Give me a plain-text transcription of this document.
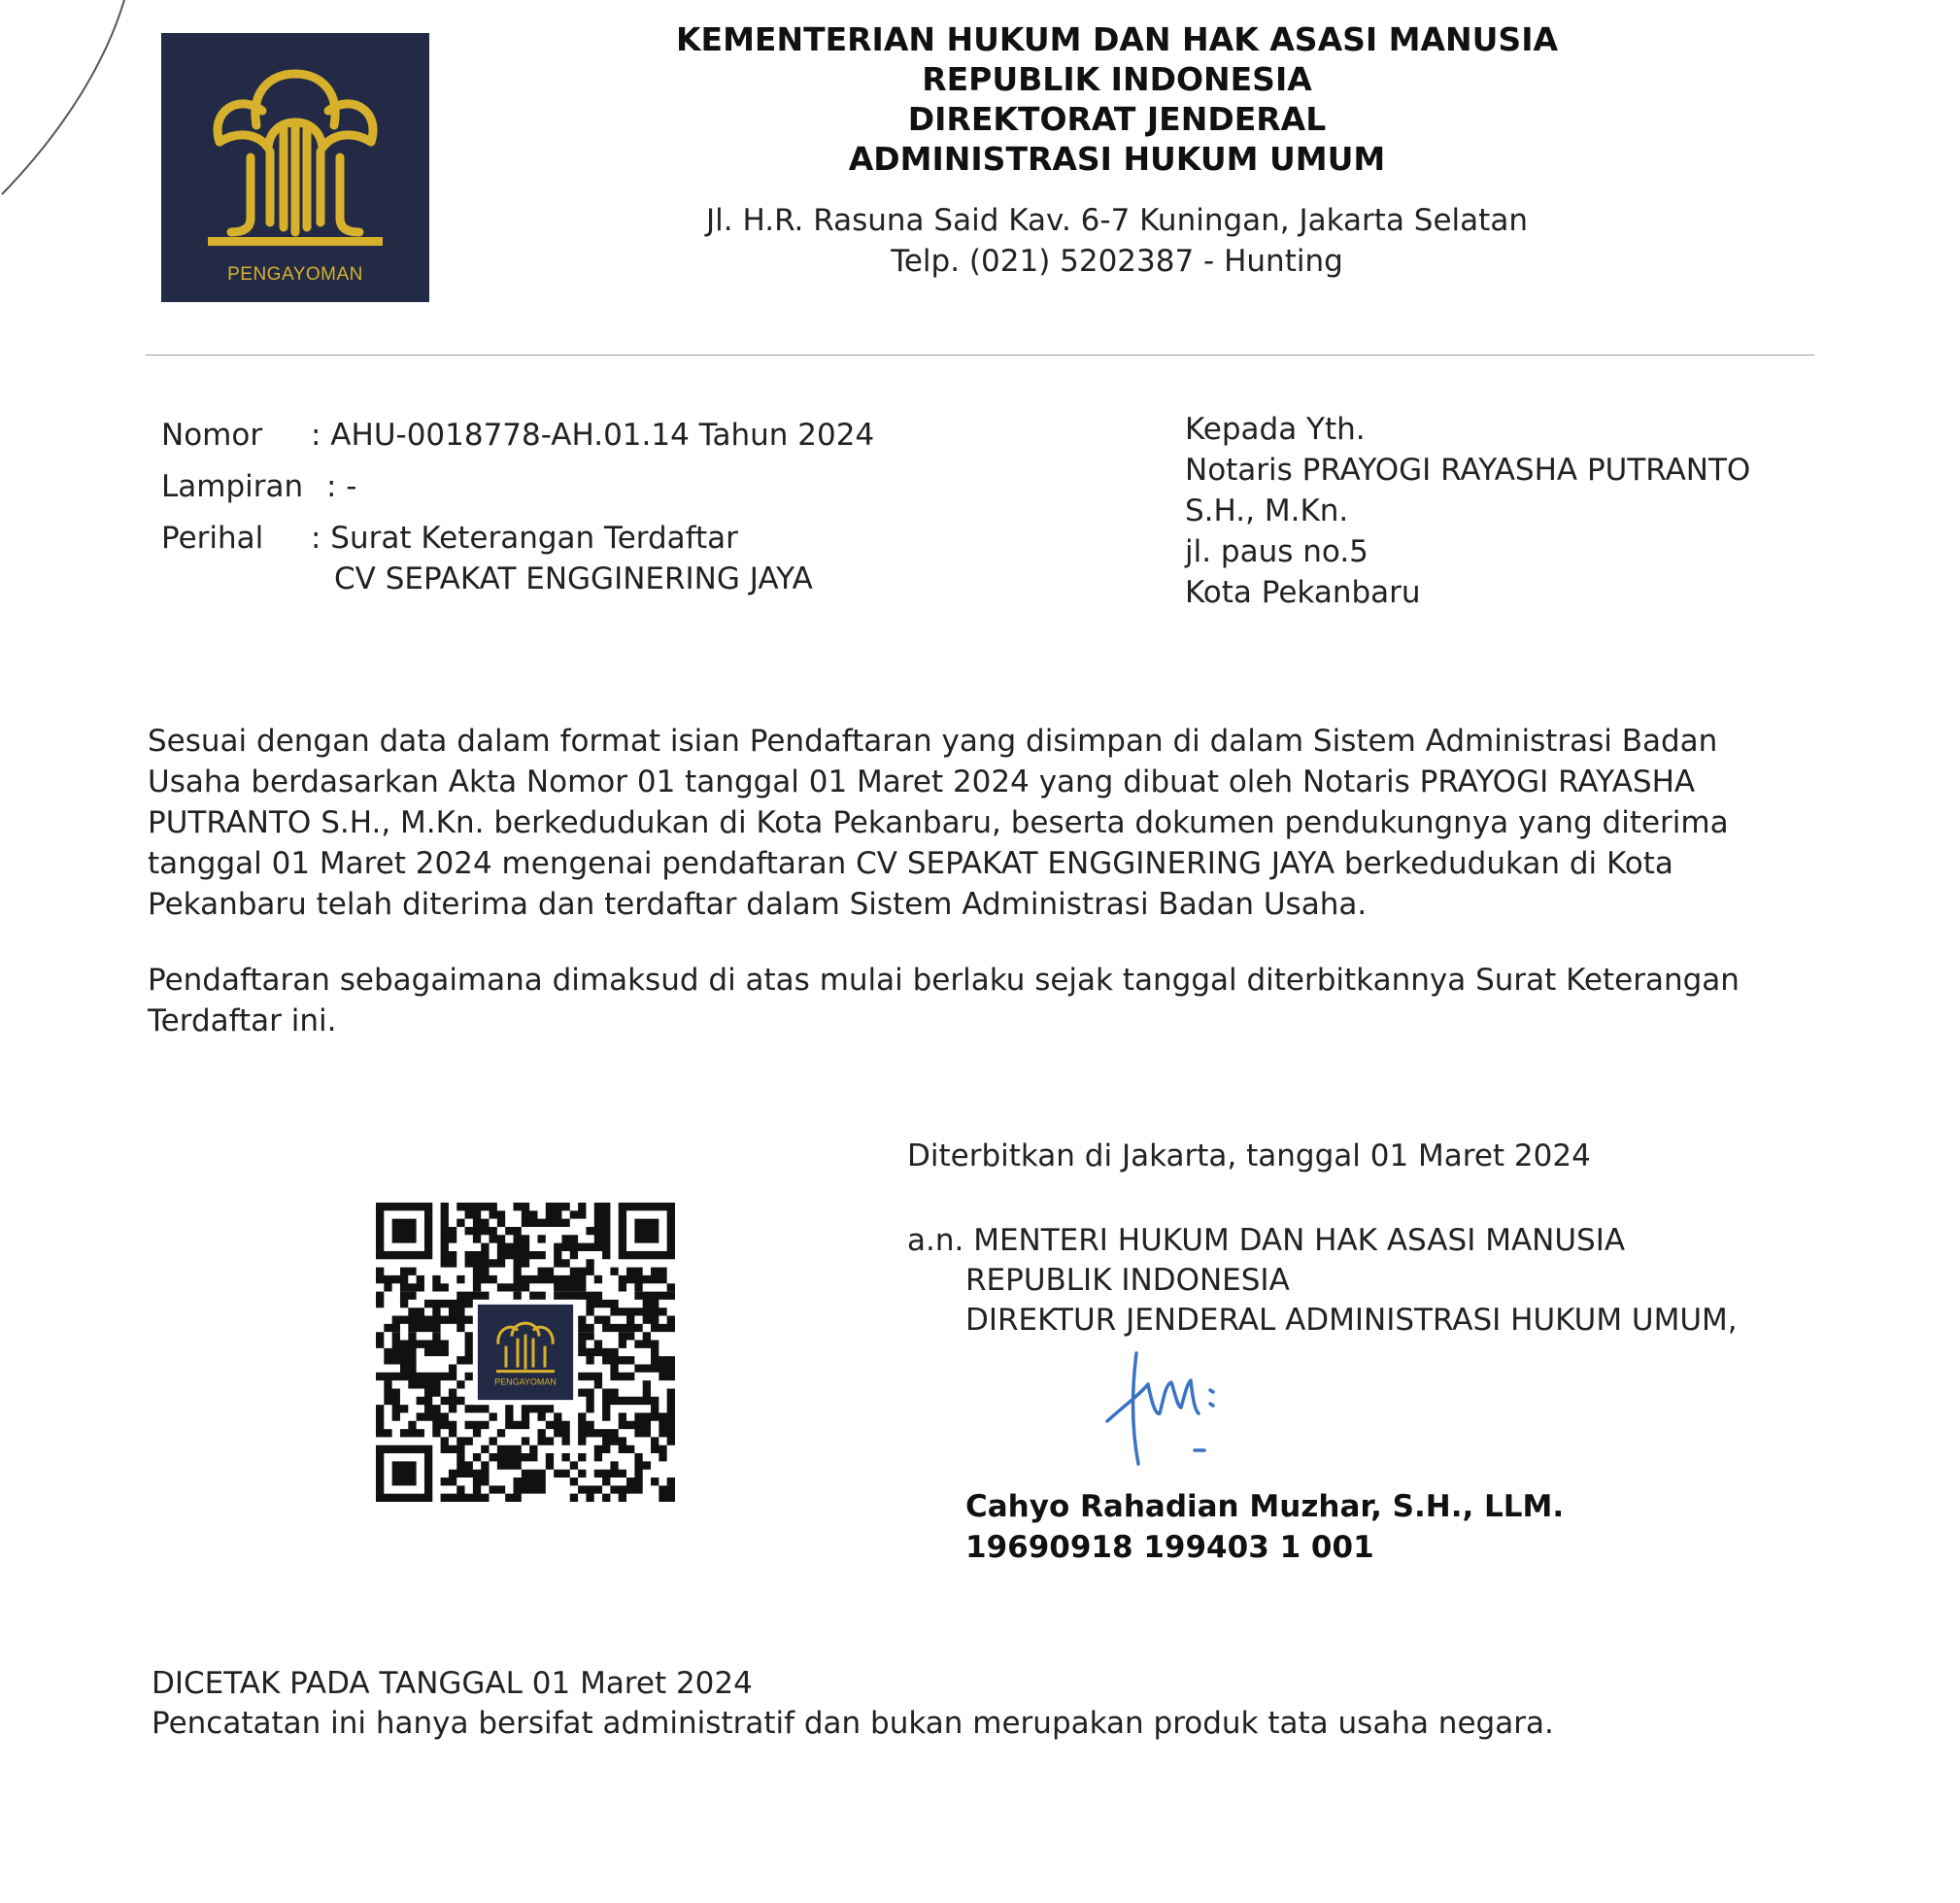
PENGAYOMAN
KEMENTERIAN HUKUM DAN HAK ASASI MANUSIA
REPUBLIK INDONESIA
DIREKTORAT JENDERAL
ADMINISTRASI HUKUM UMUM
Jl. H.R. Rasuna Said Kav. 6-7 Kuningan, Jakarta Selatan
Telp. (021) 5202387 - Hunting
Nomor : AHU-0018778-AH.01.14 Tahun 2024
Lampiran : -
Perihal : Surat Keterangan Terdaftar
CV SEPAKAT ENGGINERING JAYA
Kepada Yth.
Notaris PRAYOGI RAYASHA PUTRANTO
S.H., M.Kn.
jl. paus no.5
Kota Pekanbaru

Sesuai dengan data dalam format isian Pendaftaran yang disimpan di dalam Sistem Administrasi Badan

Usaha berdasarkan Akta Nomor 01 tanggal 01 Maret 2024 yang dibuat oleh Notaris PRAYOGI RAYASHA

PUTRANTO S.H., M.Kn. berkedudukan di Kota Pekanbaru, beserta dokumen pendukungnya yang diterima

tanggal 01 Maret 2024 mengenai pendaftaran CV SEPAKAT ENGGINERING JAYA berkedudukan di Kota

Pekanbaru telah diterima dan terdaftar dalam Sistem Administrasi Badan Usaha.

Pendaftaran sebagaimana dimaksud di atas mulai berlaku sejak tanggal diterbitkannya Surat Keterangan

Terdaftar ini.

Diterbitkan di Jakarta, tanggal 01 Maret 2024
a.n. MENTERI HUKUM DAN HAK ASASI MANUSIA
REPUBLIK INDONESIA
DIREKTUR JENDERAL ADMINISTRASI HUKUM UMUM,
Cahyo Rahadian Muzhar, S.H., LLM.
19690918 199403 1 001
PENGAYOMAN
DICETAK PADA TANGGAL 01 Maret 2024
Pencatatan ini hanya bersifat administratif dan bukan merupakan produk tata usaha negara.
